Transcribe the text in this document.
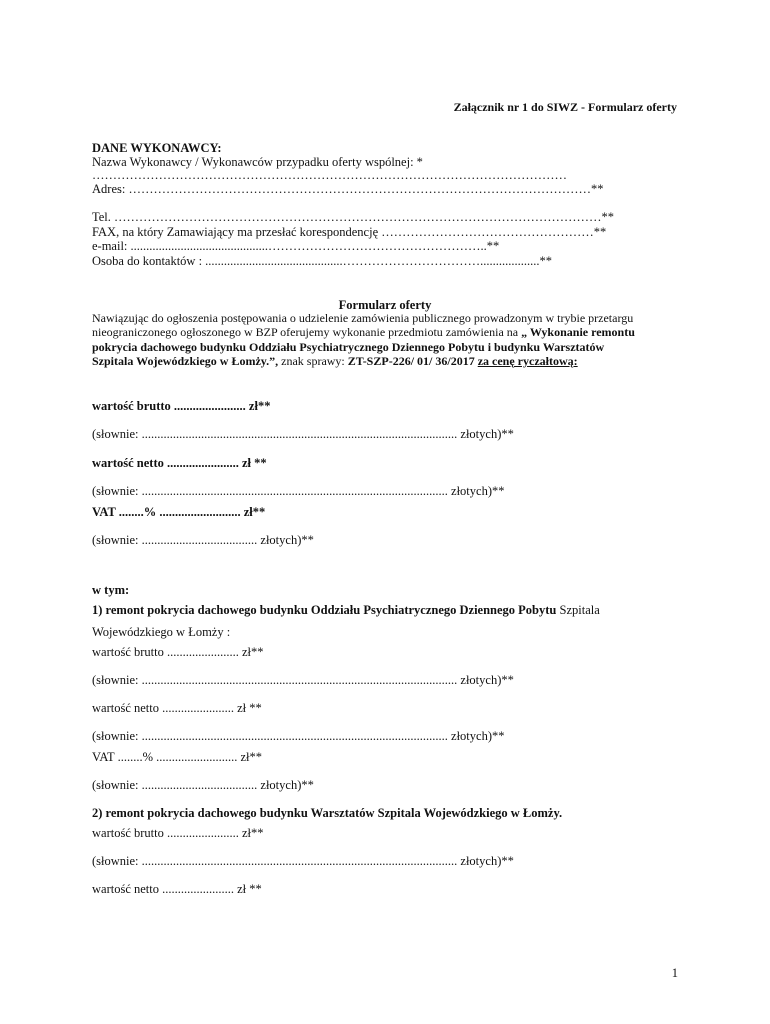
Załącznik nr 1 do SIWZ - Formularz oferty
DANE WYKONAWCY:
Nazwa Wykonawcy / Wykonawców przypadku oferty wspólnej: *
……………………………………………………………………………………………………
Adres: …………………………………………………………………………………………………**
Tel. ………………………………………………………………………………………………………**
FAX, na który Zamawiający ma przesłać korespondencję ……………………………………………**
e-mail: ............................................……………………………………………..**
Osoba do kontaktów : ............................................……………………………...................**
Formularz oferty
Nawiązując do ogłoszenia postępowania o udzielenie zamówienia publicznego prowadzonym w trybie przetargu
nieograniczonego ogłoszonego w BZP oferujemy wykonanie przedmiotu zamówienia na „ Wykonanie remontu
pokrycia dachowego budynku Oddziału Psychiatrycznego Dziennego Pobytu i budynku Warsztatów
Szpitala Wojewódzkiego w Łomży.”, znak sprawy: ZT-SZP-226/ 01/ 36/2017 za cenę ryczałtową:
wartość brutto ....................... zł**
(słownie: ..................................................................................................... złotych)**
wartość netto ....................... zł **
(słownie: .................................................................................................. złotych)**
VAT ........% .......................... zł**
(słownie: ..................................... złotych)**
w tym:
1) remont pokrycia dachowego budynku Oddziału Psychiatrycznego Dziennego Pobytu Szpitala
Wojewódzkiego w Łomży :
wartość brutto ....................... zł**
(słownie: ..................................................................................................... złotych)**
wartość netto ....................... zł **
(słownie: .................................................................................................. złotych)**
VAT ........% .......................... zł**
(słownie: ..................................... złotych)**
2) remont pokrycia dachowego budynku Warsztatów Szpitala Wojewódzkiego w Łomży.
wartość brutto ....................... zł**
(słownie: ..................................................................................................... złotych)**
wartość netto ....................... zł **
1
